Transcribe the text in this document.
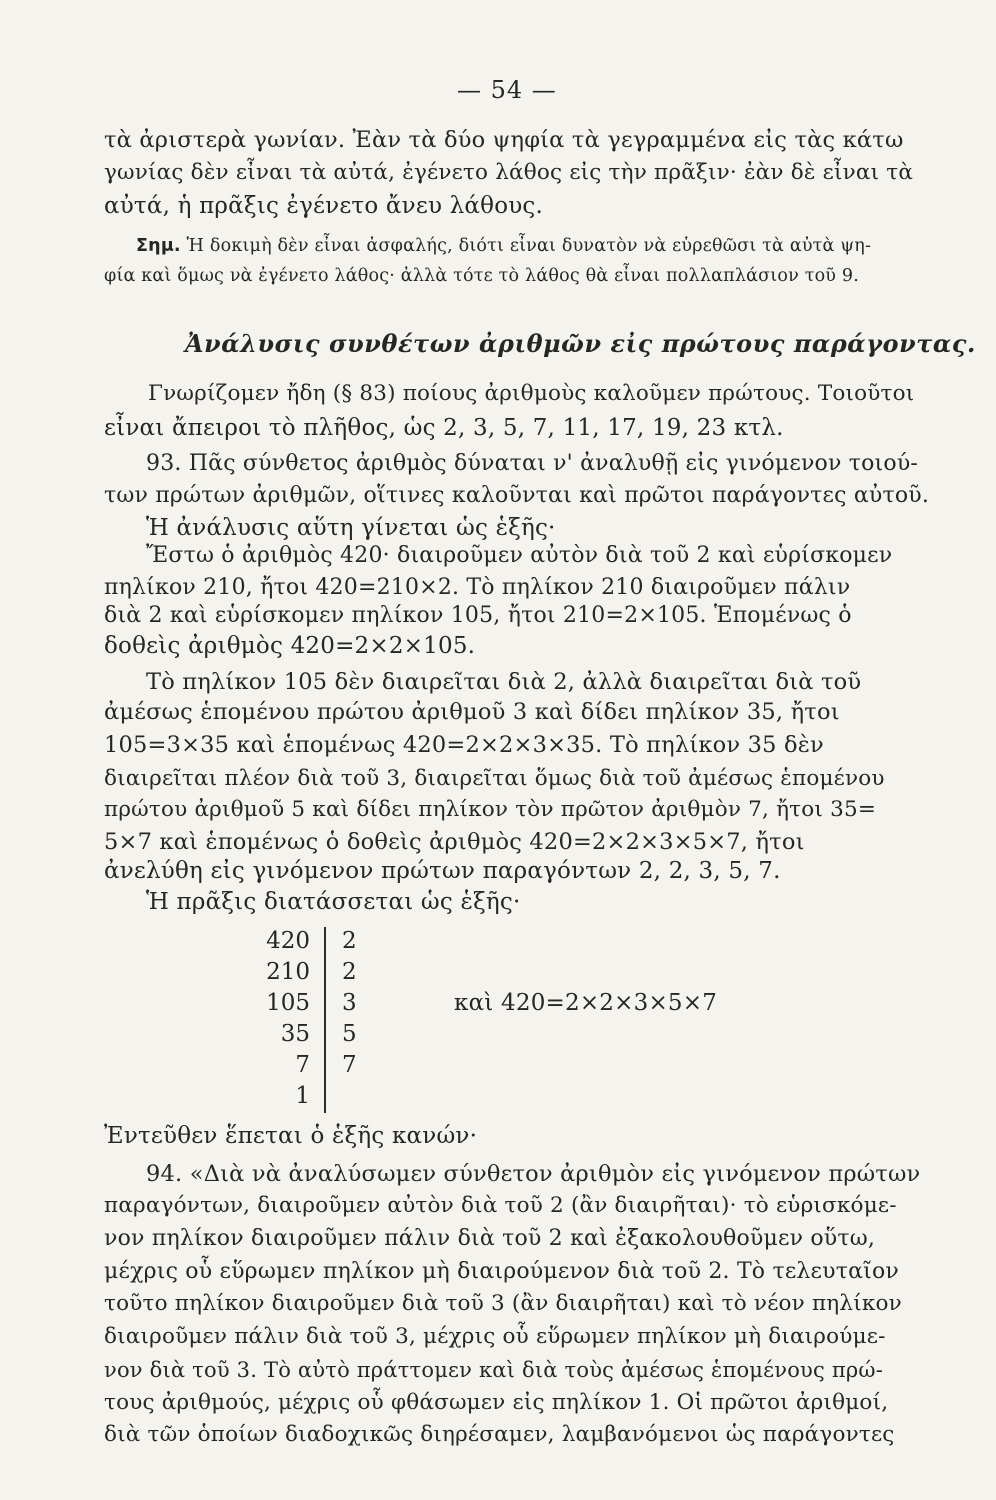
— 54 —

τὰ ἀριστερὰ γωνίαν. Ἐὰν τὰ δύο ψηφία τὰ γεγραμμένα εἰς τὰς κάτω

γωνίας δὲν εἶναι τὰ αὐτά, ἐγένετο λάθος εἰς τὴν πρᾶξιν· ἐὰν δὲ εἶναι τὰ

αὐτά, ἡ πρᾶξις ἐγένετο ἄνευ λάθους.

Σημ. Ἡ δοκιμὴ δὲν εἶναι ἀσφαλής, διότι εἶναι δυνατὸν νὰ εὑρεθῶσι τὰ αὐτὰ ψη-

φία καὶ ὅμως νὰ ἐγένετο λάθος· ἀλλὰ τότε τὸ λάθος θὰ εἶναι πολλαπλάσιον τοῦ 9.

Ἀνάλυσις συνθέτων ἀριθμῶν εἰς πρώτους παράγοντας.

Γνωρίζομεν ἤδη (§ 83) ποίους ἀριθμοὺς καλοῦμεν πρώτους. Τοιοῦτοι

εἶναι ἄπειροι τὸ πλῆθος, ὡς 2, 3, 5, 7, 11, 17, 19, 23 κτλ.

93. Πᾶς σύνθετος ἀριθμὸς δύναται ν' ἀναλυθῇ εἰς γινόμενον τοιού-

των πρώτων ἀριθμῶν, οἵτινες καλοῦνται καὶ πρῶτοι παράγοντες αὐτοῦ.

Ἡ ἀνάλυσις αὕτη γίνεται ὡς ἑξῆς·

Ἔστω ὁ ἀριθμὸς 420· διαιροῦμεν αὐτὸν διὰ τοῦ 2 καὶ εὑρίσκομεν

πηλίκον 210, ἤτοι 420=210×2. Τὸ πηλίκον 210 διαιροῦμεν πάλιν

διὰ 2 καὶ εὑρίσκομεν πηλίκον 105, ἤτοι 210=2×105. Ἑπομένως ὁ

δοθεὶς ἀριθμὸς 420=2×2×105.

Τὸ πηλίκον 105 δὲν διαιρεῖται διὰ 2, ἀλλὰ διαιρεῖται διὰ τοῦ

ἀμέσως ἑπομένου πρώτου ἀριθμοῦ 3 καὶ δίδει πηλίκον 35, ἤτοι

105=3×35 καὶ ἑπομένως 420=2×2×3×35. Τὸ πηλίκον 35 δὲν

διαιρεῖται πλέον διὰ τοῦ 3, διαιρεῖται ὅμως διὰ τοῦ ἀμέσως ἑπομένου

πρώτου ἀριθμοῦ 5 καὶ δίδει πηλίκον τὸν πρῶτον ἀριθμὸν 7, ἤτοι 35=

5×7 καὶ ἑπομένως ὁ δοθεὶς ἀριθμὸς 420=2×2×3×5×7, ἤτοι

ἀνελύθη εἰς γινόμενον πρώτων παραγόντων 2, 2, 3, 5, 7.

Ἡ πρᾶξις διατάσσεται ὡς ἑξῆς·

420

210

105

35

7

1

2

2

3

5

7

καὶ 420=2×2×3×5×7

Ἐντεῦθεν ἕπεται ὁ ἑξῆς κανών·

94. «Διὰ νὰ ἀναλύσωμεν σύνθετον ἀριθμὸν εἰς γινόμενον πρώτων

παραγόντων, διαιροῦμεν αὐτὸν διὰ τοῦ 2 (ἂν διαιρῆται)· τὸ εὑρισκόμε-

νον πηλίκον διαιροῦμεν πάλιν διὰ τοῦ 2 καὶ ἐξακολουθοῦμεν οὕτω,

μέχρις οὗ εὕρωμεν πηλίκον μὴ διαιρούμενον διὰ τοῦ 2. Τὸ τελευταῖον

τοῦτο πηλίκον διαιροῦμεν διὰ τοῦ 3 (ἂν διαιρῆται) καὶ τὸ νέον πηλίκον

διαιροῦμεν πάλιν διὰ τοῦ 3, μέχρις οὗ εὕρωμεν πηλίκον μὴ διαιρούμε-

νον διὰ τοῦ 3. Τὸ αὐτὸ πράττομεν καὶ διὰ τοὺς ἀμέσως ἑπομένους πρώ-

τους ἀριθμούς, μέχρις οὗ φθάσωμεν εἰς πηλίκον 1. Οἱ πρῶτοι ἀριθμοί,

διὰ τῶν ὁποίων διαδοχικῶς διηρέσαμεν, λαμβανόμενοι ὡς παράγοντες
